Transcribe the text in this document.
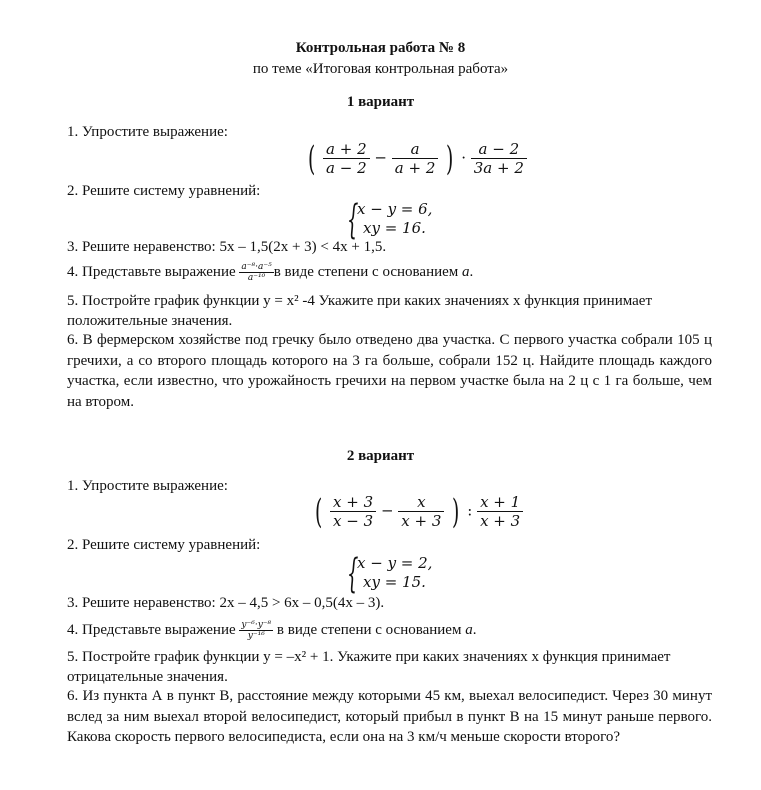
Контрольная работа № 8
по теме «Итоговая контрольная работа»
1 вариант
1. Упростите выражение:
( $\frac{a + 2}{a - 2} - \frac{a}{a + 2}$ ) · $\frac{a - 2}{3a + 2}$
2. Решите систему уравнений:
{
x − y = 6,
xy = 16.
3. Решите неравенство: 5x – 1,5(2x + 3) < 4x + 1,5.
4. Представьте выражение $\frac{\text{a⁻⁸·a⁻⁵}}{\text{a⁻¹⁰}}$ в виде степени с основанием a.
5. Постройте график функции y = x² -4 Укажите при каких значениях x функция принимает
положительные значения.
6. В фермерском хозяйстве под гречку было отведено два участка. С первого участка собрали 105 ц гречихи, а со второго площадь которого на 3 га больше, собрали 152 ц. Найдите площадь каждого участка, если известно, что урожайность гречихи на первом участке была на 2 ц с 1 га больше, чем на втором.
2 вариант
1. Упростите выражение:
( $\frac{x + 3}{x - 3} - \frac{x}{x + 3}$ ) : $\frac{x + 1}{x + 3}$
2. Решите систему уравнений:
{
x − y = 2,
xy = 15.
3. Решите неравенство: 2x – 4,5 > 6x – 0,5(4x – 3).
4. Представьте выражение $\frac{\text{y⁻⁶·y⁻⁸}}{\text{y⁻¹⁶}}$ в виде степени с основанием a.
5. Постройте график функции y = –x² + 1. Укажите при каких значениях x функция принимает
отрицательные значения.
6. Из пункта А в пункт В, расстояние между которыми 45 км, выехал велосипедист. Через 30 минут вслед за ним выехал второй велосипедист, который прибыл в пункт В на 15 минут раньше первого. Какова скорость первого велосипедиста, если она на 3 км/ч меньше скорости второго?
